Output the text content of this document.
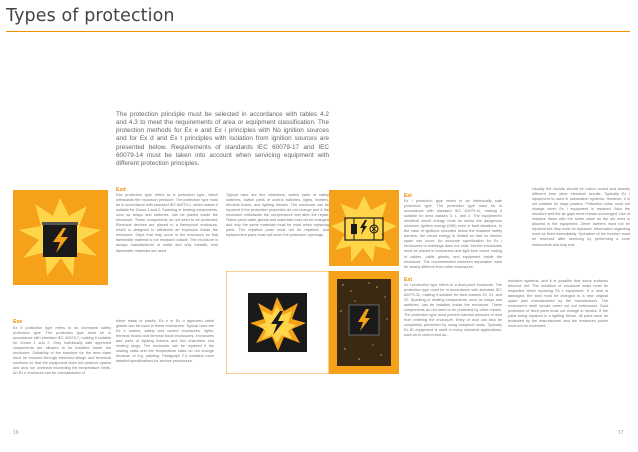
Types of protection
The protection principle must be selected in accordance with tables 4.2 and 4.3 to meet the requirements of area or equipment classification. The protection methods for Ex e and Ex i principles with No ignition sources and for Ex d and Ex t principles with Isolation from ignition sources are presented below. Requirements of standards IEC 60079-17 and IEC 60079-14 must be taken into account when servicing equipment with different protection principles.
Exd
Exd protection type refers to a protection type, which withstands the explosion pressure. The protection type must be in accordance with standard IEC 60079-1, which makes it suitable for Zones 1 and 2. Sparking or heating components, such as relays and switches, can be placed inside the enclosure. These components do not need to be protected. Electrical devices are placed in a flameproof enclosure, which is designed to withstand an explosion inside the enclosure. Gaps that may occur in the enclosure so that flammable material is not released outside. The enclosure is always manufactured of metal and only metallic, less flammable materials are used.
Typical uses are flux chambers, switch parts of safety switches, switch parts of control switches, lights, heaters, terminal boxes, and lighting fixtures. The enclosure can be repaired if the protection properties do not change and if the enclosure withstands the overpressure test after the repair. Flame proof cable glands and materials must not be changed and only the same materials must be used when replacing parts. The repaired parts must not be repaired, and replacement parts must not cover the protection openings.
Exe
Ex e protection type refers to an increased safety protection type. The protection type must be in accordance with standard IEC 60079-7, making it suitable for Zones 1 and 2. Only individually safe approved components are allowed to be installed inside the enclosure. Suitability of the structure for the area class must be ensured through electrical design and technical solutions so that the equipment does not produce sparks and arcs nor overheat exceeding the temperature limits. An Ex e enclosure can be manufactured of
either metal or plastic. Ex e or Ex d approved cable glands can be used in these enclosures. Typical uses are Ex e motors, safety and control enclosures, lights, terminal blocks and terminal block enclosures, enclosures and parts of lighting fixtures and flux chambers and heating plugs. The enclosure can be repaired if the sealing class and the temperature class do not change because of e.g. painting. Paragraph 2.4 contains more detailed specifications for service procedures.
Exi
Ex i protection type refers to an intrinsically safe protection type. The protection type must be in accordance with standard IEC 60079-11, making it suitable for area classes 0, 1, and 2. The equipment's electrical circuit energy must be below the dangerous minimum ignition energy (MIE) even in fault situations. In the case of ignitions recorded below the installed safety barriers, the circuit energy is limited so that no electric spark can occur. An accurate specification for Ex i enclosures or markings does not exist, but the enclosures must be placed in enclosures and light blue colour coding of cables, cable glands, and equipment inside the enclosure. The recommended minimum separation must be clearly different from other enclosures.
Usually the circuits should be colour coded and visually different from other electrical circuits. Typically Ex i equipment is used in automation systems. However, it is not suitable for large powers. Protection class must not change when Ex i equipment is repaired. Also the structure and the air gaps must remain unchanged. Use of resistive fuses with the same value as the old ones is allowed in the equipment. Zener barriers must not be repaired but they must be replaced. Information regarding must be fixed immediately. Operation of the function must be reserved after servicing by performing a zone instruments and loop test.
Ext
Ex t protection type refers to a dust-proof enclosure. The protection type must be in accordance with standard IEC 60079-31, making it suitable for area classes 20, 21, and 22. Sparking or heating components, such as relays and switches, can be installed inside the enclosure. These components do not need to be protected by other means. The protection type must prevent harmful amounts of dust from entering the enclosure. Entry of dust can also be completely prevented by using dustproof seals. Typically Ex tD equipment is used in many industrial applications, such as in control and au-
tomation systems, and it is possible that some surfaces become hot. The condition of enclosure seals must be inspected when repairing Ex t equipment. If a seal is damaged, the seal must be changed to a new original spare part manufactured by the manufacturer. The enclosure's shell should never cut out extensions. Dust protection of fixed parts must not change in repairs. If the parts being repaired is a lighting fixture, all parts must be protected by the manufacturer and the maximum power must not be exceeded.
16	17
